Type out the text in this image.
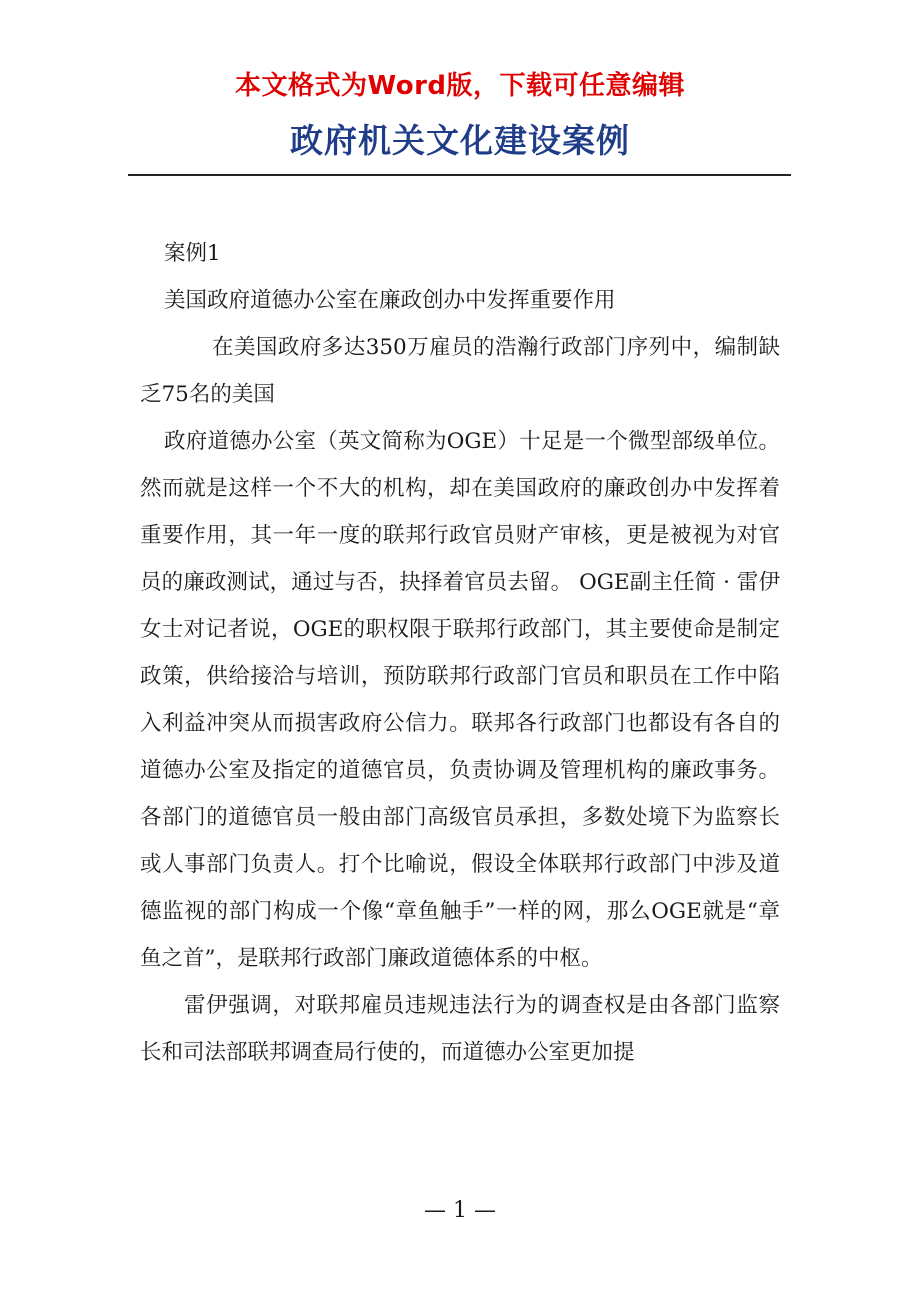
本文格式为Word版，下载可任意编辑
政府机关文化建设案例

案例1

美国政府道德办公室在廉政创办中发挥重要作用

在美国政府多达350万雇员的浩瀚行政部门序列中，编制缺乏75名的美国

政府道德办公室（英文简称为OGE）十足是一个微型部级单位。然而就是这样一个不大的机构，却在美国政府的廉政创办中发挥着重要作用，其一年一度的联邦行政官员财产审核，更是被视为对官员的廉政测试，通过与否，抉择着官员去留。 OGE副主任简 · 雷伊女士对记者说，OGE的职权限于联邦行政部门，其主要使命是制定政策，供给接洽与培训，预防联邦行政部门官员和职员在工作中陷入利益冲突从而损害政府公信力。联邦各行政部门也都设有各自的道德办公室及指定的道德官员，负责协调及管理机构的廉政事务。各部门的道德官员一般由部门高级官员承担，多数处境下为监察长或人事部门负责人。打个比喻说，假设全体联邦行政部门中涉及道德监视的部门构成一个像“章鱼触手”一样的网，那么OGE就是“章鱼之首”，是联邦行政部门廉政道德体系的中枢。

雷伊强调，对联邦雇员违规违法行为的调查权是由各部门监察长和司法部联邦调查局行使的，而道德办公室更加提

— 1 —
